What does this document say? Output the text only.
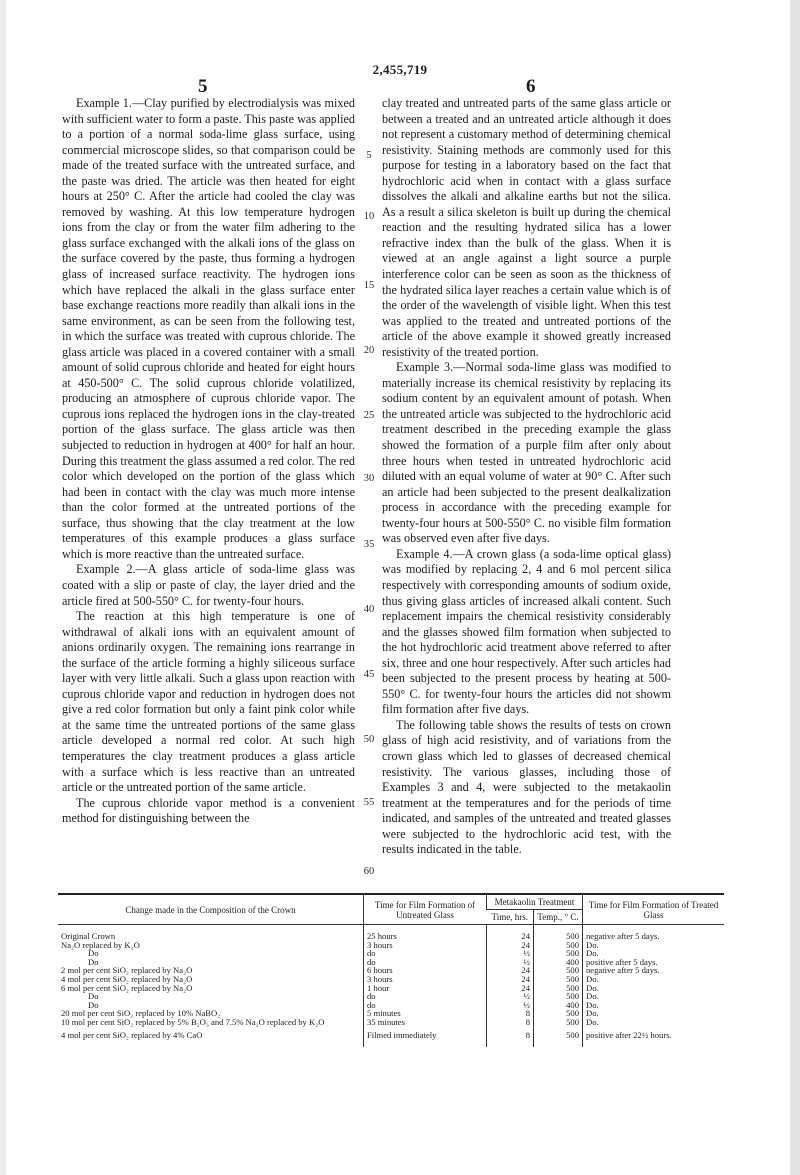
2,455,719
5	6

Example 1.—Clay purified by electrodialysis was mixed with sufficient water to form a paste. This paste was applied to a portion of a normal soda-lime glass surface, using commercial microscope slides, so that comparison could be made of the treated surface with the untreated surface, and the paste was dried. The article was then heated for eight hours at 250° C. After the article had cooled the clay was removed by washing. At this low temperature hydrogen ions from the clay or from the water film adhering to the glass surface exchanged with the alkali ions of the glass on the surface covered by the paste, thus forming a hydrogen glass of increased surface reactivity. The hydrogen ions which have replaced the alkali in the glass surface enter base exchange reactions more readily than alkali ions in the same environment, as can be seen from the following test, in which the surface was treated with cuprous chloride. The glass article was placed in a covered container with a small amount of solid cuprous chloride and heated for eight hours at 450-500° C. The solid cuprous chloride volatilized, producing an atmosphere of cuprous chloride vapor. The cuprous ions replaced the hydrogen ions in the clay-treated portion of the glass surface. The glass article was then subjected to reduction in hydrogen at 400° for half an hour. During this treatment the glass assumed a red color. The red color which developed on the portion of the glass which had been in contact with the clay was much more intense than the color formed at the untreated portions of the surface, thus showing that the clay treatment at the low temperatures of this example produces a glass surface which is more reactive than the untreated surface.

Example 2.—A glass article of soda-lime glass was coated with a slip or paste of clay, the layer dried and the article fired at 500-550° C. for twenty-four hours.

The reaction at this high temperature is one of withdrawal of alkali ions with an equivalent amount of anions ordinarily oxygen. The remaining ions rearrange in the surface of the article forming a highly siliceous surface layer with very little alkali. Such a glass upon reaction with cuprous chloride vapor and reduction in hydrogen does not give a red color formation but only a faint pink color while at the same time the untreated portions of the same glass article developed a normal red color. At such high temperatures the clay treatment produces a glass article with a surface which is less reactive than an untreated article or the untreated portion of the same article.

The cuprous chloride vapor method is a convenient method for distinguishing between the

5
10
15
20
25
30
35
40
45
50
55
60

clay treated and untreated parts of the same glass article or between a treated and an untreated article although it does not represent a customary method of determining chemical resistivity. Staining methods are commonly used for this purpose for testing in a laboratory based on the fact that hydrochloric acid when in contact with a glass surface dissolves the alkali and alkaline earths but not the silica. As a result a silica skeleton is built up during the chemical reaction and the resulting hydrated silica has a lower refractive index than the bulk of the glass. When it is viewed at an angle against a light source a purple interference color can be seen as soon as the thickness of the hydrated silica layer reaches a certain value which is of the order of the wavelength of visible light. When this test was applied to the treated and untreated portions of the article of the above example it showed greatly increased resistivity of the treated portion.

Example 3.—Normal soda-lime glass was modified to materially increase its chemical resistivity by replacing its sodium content by an equivalent amount of potash. When the untreated article was subjected to the hydrochloric acid treatment described in the preceding example the glass showed the formation of a purple film after only about three hours when tested in untreated hydrochloric acid diluted with an equal volume of water at 90° C. After such an article had been subjected to the present dealkalization process in accordance with the preceding example for twenty-four hours at 500-550° C. no visible film formation was observed even after five days.

Example 4.—A crown glass (a soda-lime optical glass) was modified by replacing 2, 4 and 6 mol percent silica respectively with corresponding amounts of sodium oxide, thus giving glass articles of increased alkali content. Such replacement impairs the chemical resistivity considerably and the glasses showed film formation when subjected to the hot hydrochloric acid treatment above referred to after six, three and one hour respectively. After such articles had been subjected to the present process by heating at 500-550° C. for twenty-four hours the articles did not showm film formation after five days.

The following table shows the results of tests on crown glass of high acid resistivity, and of variations from the crown glass which led to glasses of decreased chemical resistivity. The various glasses, including those of Examples 3 and 4, were subjected to the metakaolin treatment at the temperatures and for the periods of time indicated, and samples of the untreated and treated glasses were subjected to the hydrochloric acid test, with the results indicated in the table.

Change made in the Composition of the Crown	Time for Film Formation of Untreated Glass	Metakaolin Treatment		Time for Film Formation of Treated Glass
		Time, hrs.	Temp., ° C.	
Original Crown	25 hours	24	500	negative after 5 days.
Na₂O replaced by K₂O	3 hours	24	500	Do.
Do	do	½	500	Do.
Do	do	½	400	positive after 5 days.
2 mol per cent SiO₂ replaced by Na₂O	6 hours	24	500	negative after 5 days.
4 mol per cent SiO₂ replaced by Na₂O	3 hours	24	500	Do.
6 mol per cent SiO₂ replaced by Na₂O	1 hour	24	500	Do.
Do	do	½	500	Do.
Do	do	½	400	Do.
20 mol per cent SiO₂ replaced by 10% NaBO₂	5 minutes	8	500	Do.
10 mol per cent SiO₂ replaced by 5% B₂O₃ and 7.5% Na₂O replaced by K₂O	35 minutes	8	500	Do.
4 mol per cent SiO₂ replaced by 4% CaO	Filmed immediately	8	500	positive after 22½ hours.
